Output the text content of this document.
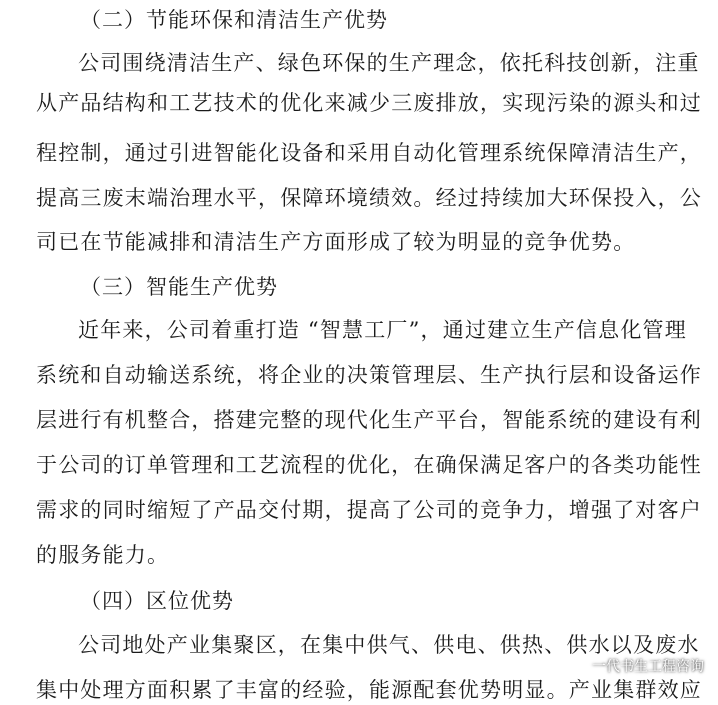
（二）节能环保和清洁生产优势
公司围绕清洁生产、绿色环保的生产理念，依托科技创新，注重
从产品结构和工艺技术的优化来减少三废排放，实现污染的源头和过
程控制，通过引进智能化设备和采用自动化管理系统保障清洁生产，
提高三废末端治理水平，保障环境绩效。经过持续加大环保投入，公
司已在节能减排和清洁生产方面形成了较为明显的竞争优势。
（三）智能生产优势
近年来，公司着重打造 “智慧工厂”，通过建立生产信息化管理
系统和自动输送系统，将企业的决策管理层、生产执行层和设备运作
层进行有机整合，搭建完整的现代化生产平台，智能系统的建设有利
于公司的订单管理和工艺流程的优化，在确保满足客户的各类功能性
需求的同时缩短了产品交付期，提高了公司的竞争力，增强了对客户
的服务能力。
（四）区位优势
公司地处产业集聚区，在集中供气、供电、供热、供水以及废水
集中处理方面积累了丰富的经验，能源配套优势明显。产业集群效应
一代书生工程咨询
